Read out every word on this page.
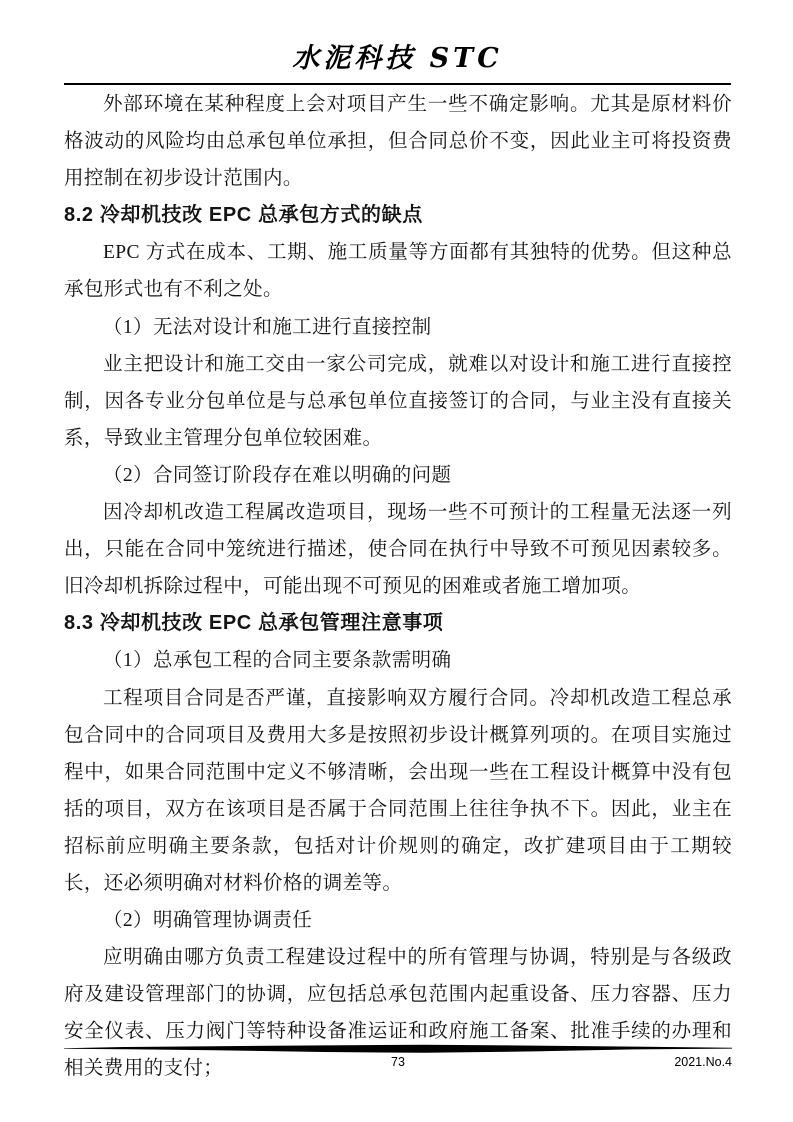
水泥科技 STC

外部环境在某种程度上会对项目产生一些不确定影响。尤其是原材料价格波动的风险均由总承包单位承担，但合同总价不变，因此业主可将投资费用控制在初步设计范围内。

8.2 冷却机技改 EPC 总承包方式的缺点

EPC 方式在成本、工期、施工质量等方面都有其独特的优势。但这种总承包形式也有不利之处。

（1）无法对设计和施工进行直接控制

业主把设计和施工交由一家公司完成，就难以对设计和施工进行直接控制，因各专业分包单位是与总承包单位直接签订的合同，与业主没有直接关系，导致业主管理分包单位较困难。

（2）合同签订阶段存在难以明确的问题

因冷却机改造工程属改造项目，现场一些不可预计的工程量无法逐一列出，只能在合同中笼统进行描述，使合同在执行中导致不可预见因素较多。旧冷却机拆除过程中，可能出现不可预见的困难或者施工增加项。

8.3 冷却机技改 EPC 总承包管理注意事项

（1）总承包工程的合同主要条款需明确

工程项目合同是否严谨，直接影响双方履行合同。冷却机改造工程总承包合同中的合同项目及费用大多是按照初步设计概算列项的。在项目实施过程中，如果合同范围中定义不够清晰，会出现一些在工程设计概算中没有包括的项目，双方在该项目是否属于合同范围上往往争执不下。因此，业主在招标前应明确主要条款，包括对计价规则的确定，改扩建项目由于工期较长，还必须明确对材料价格的调差等。

（2）明确管理协调责任

应明确由哪方负责工程建设过程中的所有管理与协调，特别是与各级政府及建设管理部门的协调，应包括总承包范围内起重设备、压力容器、压力安全仪表、压力阀门等特种设备准运证和政府施工备案、批准手续的办理和相关费用的支付；	73	2021.No.4
